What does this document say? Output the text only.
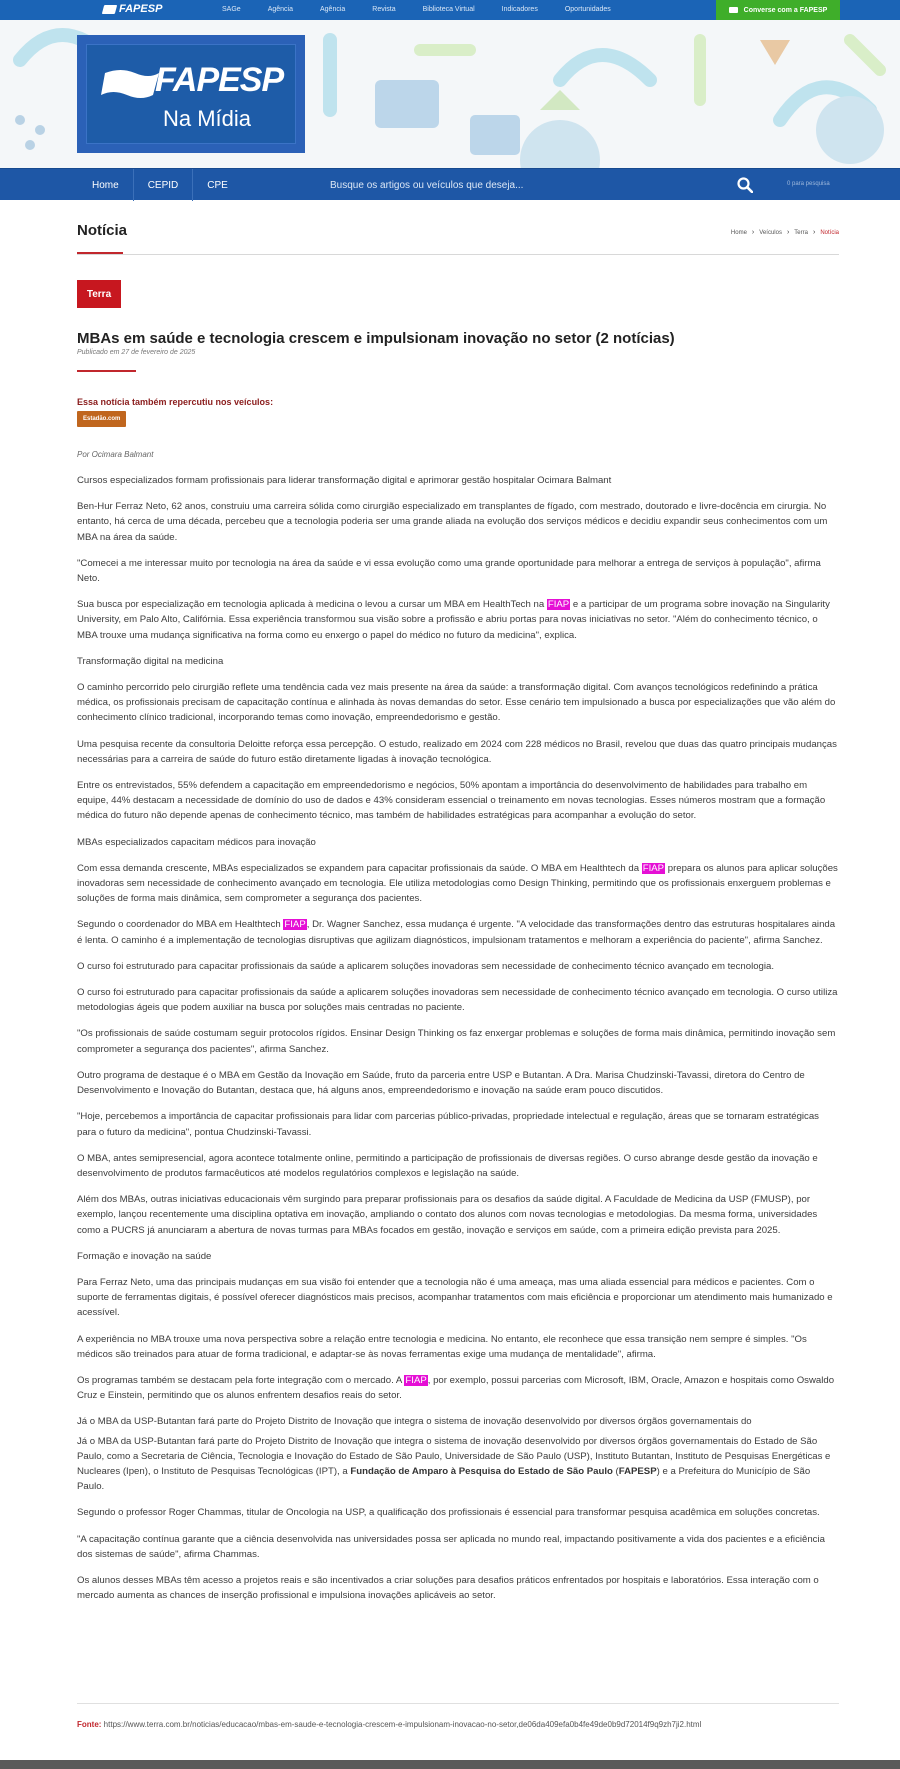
FAPESP	SAGe	Agência	Agência	Revista	Biblioteca Virtual	Indicadores	Oportunidades	Converse com a FAPESP
FAPESP
Na Mídia
Home	CEPID	CPE
Busque os artigos ou veículos que deseja...	0 para pesquisa
Notícia	Home › Veículos › Terra › Notícia
Terra
MBAs em saúde e tecnologia crescem e impulsionam inovação no setor (2 notícias)
Publicado em 27 de fevereiro de 2025
Essa notícia também repercutiu nos veículos:
Estadão.com
Por Ocimara Balmant

Cursos especializados formam profissionais para liderar transformação digital e aprimorar gestão hospitalar Ocimara Balmant

Ben-Hur Ferraz Neto, 62 anos, construiu uma carreira sólida como cirurgião especializado em transplantes de fígado, com mestrado, doutorado e livre-docência em cirurgia. No entanto, há cerca de uma década, percebeu que a tecnologia poderia ser uma grande aliada na evolução dos serviços médicos e decidiu expandir seus conhecimentos com um MBA na área da saúde.

"Comecei a me interessar muito por tecnologia na área da saúde e vi essa evolução como uma grande oportunidade para melhorar a entrega de serviços à população", afirma Neto.

Sua busca por especialização em tecnologia aplicada à medicina o levou a cursar um MBA em HealthTech na FIAP e a participar de um programa sobre inovação na Singularity University, em Palo Alto, Califórnia. Essa experiência transformou sua visão sobre a profissão e abriu portas para novas iniciativas no setor. "Além do conhecimento técnico, o MBA trouxe uma mudança significativa na forma como eu enxergo o papel do médico no futuro da medicina", explica.

Transformação digital na medicina

O caminho percorrido pelo cirurgião reflete uma tendência cada vez mais presente na área da saúde: a transformação digital. Com avanços tecnológicos redefinindo a prática médica, os profissionais precisam de capacitação contínua e alinhada às novas demandas do setor. Esse cenário tem impulsionado a busca por especializações que vão além do conhecimento clínico tradicional, incorporando temas como inovação, empreendedorismo e gestão.

Uma pesquisa recente da consultoria Deloitte reforça essa percepção. O estudo, realizado em 2024 com 228 médicos no Brasil, revelou que duas das quatro principais mudanças necessárias para a carreira de saúde do futuro estão diretamente ligadas à inovação tecnológica.

Entre os entrevistados, 55% defendem a capacitação em empreendedorismo e negócios, 50% apontam a importância do desenvolvimento de habilidades para trabalho em equipe, 44% destacam a necessidade de domínio do uso de dados e 43% consideram essencial o treinamento em novas tecnologias. Esses números mostram que a formação médica do futuro não depende apenas de conhecimento técnico, mas também de habilidades estratégicas para acompanhar a evolução do setor.

MBAs especializados capacitam médicos para inovação

Com essa demanda crescente, MBAs especializados se expandem para capacitar profissionais da saúde. O MBA em Healthtech da FIAP prepara os alunos para aplicar soluções inovadoras sem necessidade de conhecimento avançado em tecnologia. Ele utiliza metodologias como Design Thinking, permitindo que os profissionais enxerguem problemas e soluções de forma mais dinâmica, sem comprometer a segurança dos pacientes.

Segundo o coordenador do MBA em Healthtech FIAP, Dr. Wagner Sanchez, essa mudança é urgente. "A velocidade das transformações dentro das estruturas hospitalares ainda é lenta. O caminho é a implementação de tecnologias disruptivas que agilizam diagnósticos, impulsionam tratamentos e melhoram a experiência do paciente", afirma Sanchez.

O curso foi estruturado para capacitar profissionais da saúde a aplicarem soluções inovadoras sem necessidade de conhecimento técnico avançado em tecnologia.

O curso foi estruturado para capacitar profissionais da saúde a aplicarem soluções inovadoras sem necessidade de conhecimento técnico avançado em tecnologia. O curso utiliza metodologias ágeis que podem auxiliar na busca por soluções mais centradas no paciente.

"Os profissionais de saúde costumam seguir protocolos rígidos. Ensinar Design Thinking os faz enxergar problemas e soluções de forma mais dinâmica, permitindo inovação sem comprometer a segurança dos pacientes", afirma Sanchez.

Outro programa de destaque é o MBA em Gestão da Inovação em Saúde, fruto da parceria entre USP e Butantan. A Dra. Marisa Chudzinski-Tavassi, diretora do Centro de Desenvolvimento e Inovação do Butantan, destaca que, há alguns anos, empreendedorismo e inovação na saúde eram pouco discutidos.

"Hoje, percebemos a importância de capacitar profissionais para lidar com parcerias público-privadas, propriedade intelectual e regulação, áreas que se tornaram estratégicas para o futuro da medicina", pontua Chudzinski-Tavassi.

O MBA, antes semipresencial, agora acontece totalmente online, permitindo a participação de profissionais de diversas regiões. O curso abrange desde gestão da inovação e desenvolvimento de produtos farmacêuticos até modelos regulatórios complexos e legislação na saúde.

Além dos MBAs, outras iniciativas educacionais vêm surgindo para preparar profissionais para os desafios da saúde digital. A Faculdade de Medicina da USP (FMUSP), por exemplo, lançou recentemente uma disciplina optativa em inovação, ampliando o contato dos alunos com novas tecnologias e metodologias. Da mesma forma, universidades como a PUCRS já anunciaram a abertura de novas turmas para MBAs focados em gestão, inovação e serviços em saúde, com a primeira edição prevista para 2025.

Formação e inovação na saúde

Para Ferraz Neto, uma das principais mudanças em sua visão foi entender que a tecnologia não é uma ameaça, mas uma aliada essencial para médicos e pacientes. Com o suporte de ferramentas digitais, é possível oferecer diagnósticos mais precisos, acompanhar tratamentos com mais eficiência e proporcionar um atendimento mais humanizado e acessível.

A experiência no MBA trouxe uma nova perspectiva sobre a relação entre tecnologia e medicina. No entanto, ele reconhece que essa transição nem sempre é simples. "Os médicos são treinados para atuar de forma tradicional, e adaptar-se às novas ferramentas exige uma mudança de mentalidade", afirma.

Os programas também se destacam pela forte integração com o mercado. A FIAP, por exemplo, possui parcerias com Microsoft, IBM, Oracle, Amazon e hospitais como Oswaldo Cruz e Einstein, permitindo que os alunos enfrentem desafios reais do setor.

Já o MBA da USP-Butantan fará parte do Projeto Distrito de Inovação que integra o sistema de inovação desenvolvido por diversos órgãos governamentais do

Já o MBA da USP-Butantan fará parte do Projeto Distrito de Inovação que integra o sistema de inovação desenvolvido por diversos órgãos governamentais do Estado de São Paulo, como a Secretaria de Ciência, Tecnologia e Inovação do Estado de São Paulo, Universidade de São Paulo (USP), Instituto Butantan, Instituto de Pesquisas Energéticas e Nucleares (Ipen), o Instituto de Pesquisas Tecnológicas (IPT), a Fundação de Amparo à Pesquisa do Estado de São Paulo (FAPESP) e a Prefeitura do Município de São Paulo.

Segundo o professor Roger Chammas, titular de Oncologia na USP, a qualificação dos profissionais é essencial para transformar pesquisa acadêmica em soluções concretas.

"A capacitação contínua garante que a ciência desenvolvida nas universidades possa ser aplicada no mundo real, impactando positivamente a vida dos pacientes e a eficiência dos sistemas de saúde", afirma Chammas.

Os alunos desses MBAs têm acesso a projetos reais e são incentivados a criar soluções para desafios práticos enfrentados por hospitais e laboratórios. Essa interação com o mercado aumenta as chances de inserção profissional e impulsiona inovações aplicáveis ao setor.

Fonte: https://www.terra.com.br/noticias/educacao/mbas-em-saude-e-tecnologia-crescem-e-impulsionam-inovacao-no-setor,de06da409efa0b4fe49de0b9d72014f9q9zh7ji2.html
